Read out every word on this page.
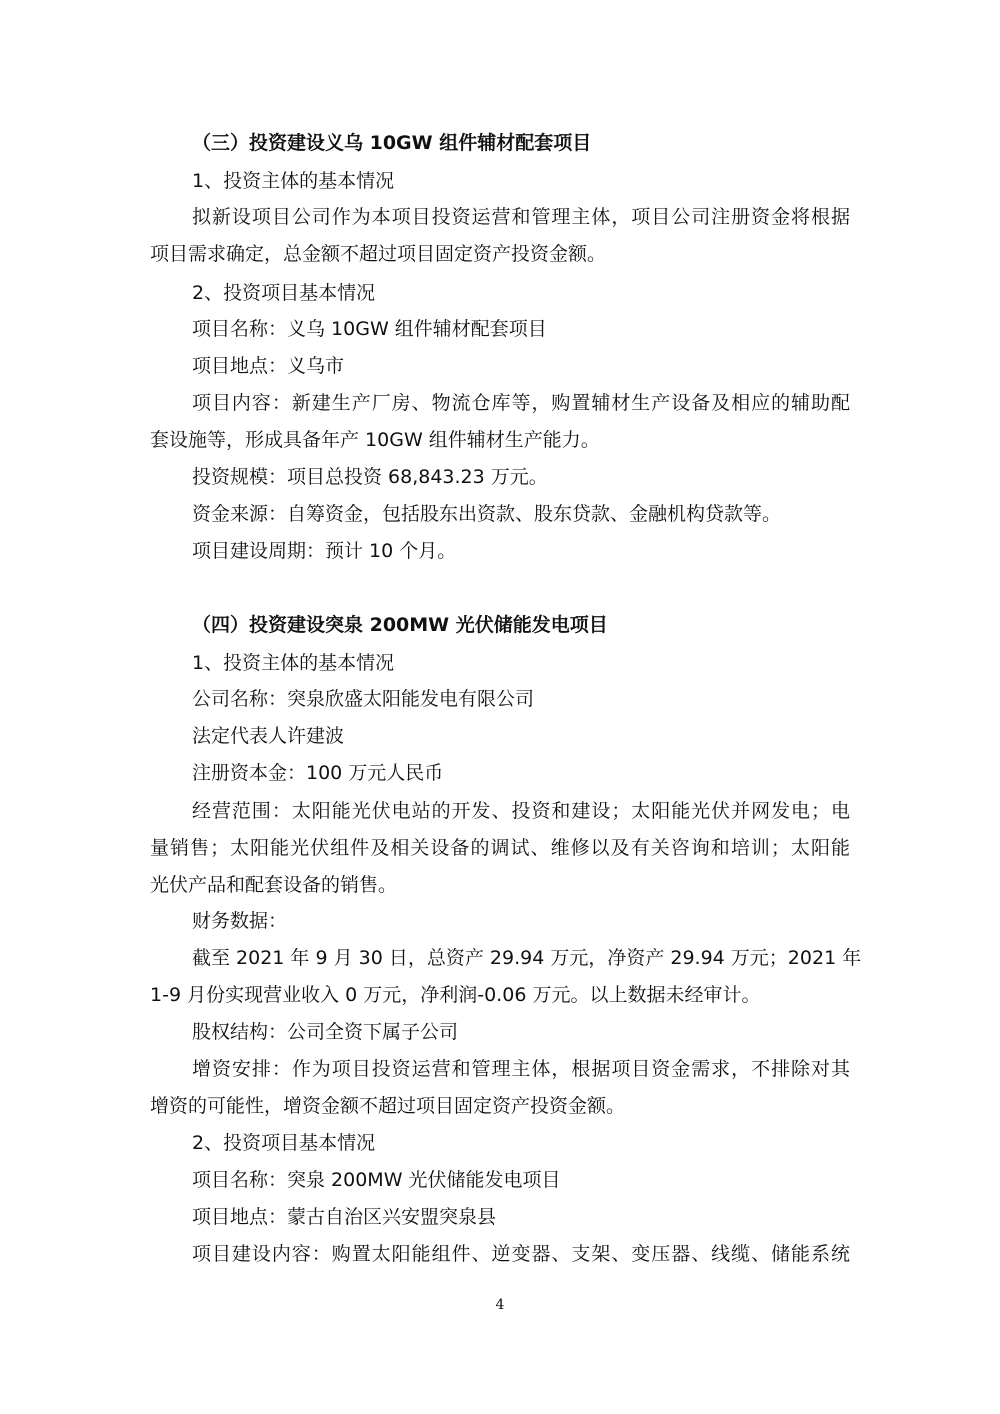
（三）投资建设义乌 10GW 组件辅材配套项目
1、投资主体的基本情况
拟新设项目公司作为本项目投资运营和管理主体，项目公司注册资金将根据
项目需求确定，总金额不超过项目固定资产投资金额。
2、投资项目基本情况
项目名称：义乌 10GW 组件辅材配套项目
项目地点：义乌市
项目内容：新建生产厂房、物流仓库等，购置辅材生产设备及相应的辅助配
套设施等，形成具备年产 10GW 组件辅材生产能力。
投资规模：项目总投资 68,843.23 万元。
资金来源：自筹资金，包括股东出资款、股东贷款、金融机构贷款等。
项目建设周期：预计 10 个月。
（四）投资建设突泉 200MW 光伏储能发电项目
1、投资主体的基本情况
公司名称：突泉欣盛太阳能发电有限公司
法定代表人许建波
注册资本金：100 万元人民币
经营范围：太阳能光伏电站的开发、投资和建设；太阳能光伏并网发电；电
量销售；太阳能光伏组件及相关设备的调试、维修以及有关咨询和培训；太阳能
光伏产品和配套设备的销售。
财务数据：
截至 2021 年 9 月 30 日，总资产 29.94 万元，净资产 29.94 万元；2021 年
1-9 月份实现营业收入 0 万元，净利润-0.06 万元。以上数据未经审计。
股权结构：公司全资下属子公司
增资安排：作为项目投资运营和管理主体，根据项目资金需求，不排除对其
增资的可能性，增资金额不超过项目固定资产投资金额。
2、投资项目基本情况
项目名称：突泉 200MW 光伏储能发电项目
项目地点：蒙古自治区兴安盟突泉县
项目建设内容：购置太阳能组件、逆变器、支架、变压器、线缆、储能系统
4
